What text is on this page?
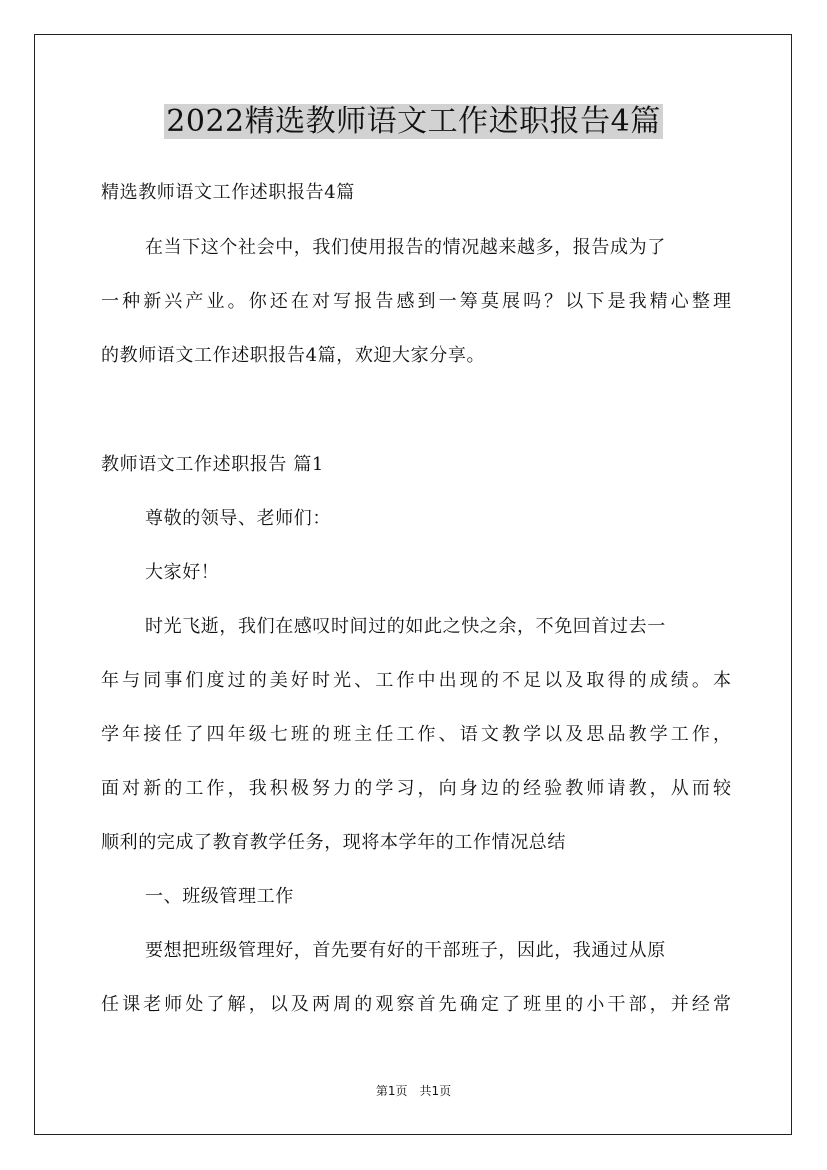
2022精选教师语文工作述职报告4篇
精选教师语文工作述职报告4篇
在当下这个社会中，我们使用报告的情况越来越多，报告成为了
一种新兴产业。你还在对写报告感到一筹莫展吗？以下是我精心整理
的教师语文工作述职报告4篇，欢迎大家分享。
教师语文工作述职报告 篇1
尊敬的领导、老师们：
大家好！
时光飞逝，我们在感叹时间过的如此之快之余，不免回首过去一
年与同事们度过的美好时光、工作中出现的不足以及取得的成绩。本
学年接任了四年级七班的班主任工作、语文教学以及思品教学工作，
面对新的工作，我积极努力的学习，向身边的经验教师请教，从而较
顺利的完成了教育教学任务，现将本学年的工作情况总结
一、班级管理工作
要想把班级管理好，首先要有好的干部班子，因此，我通过从原
任课老师处了解，以及两周的观察首先确定了班里的小干部，并经常
第1页　共1页
